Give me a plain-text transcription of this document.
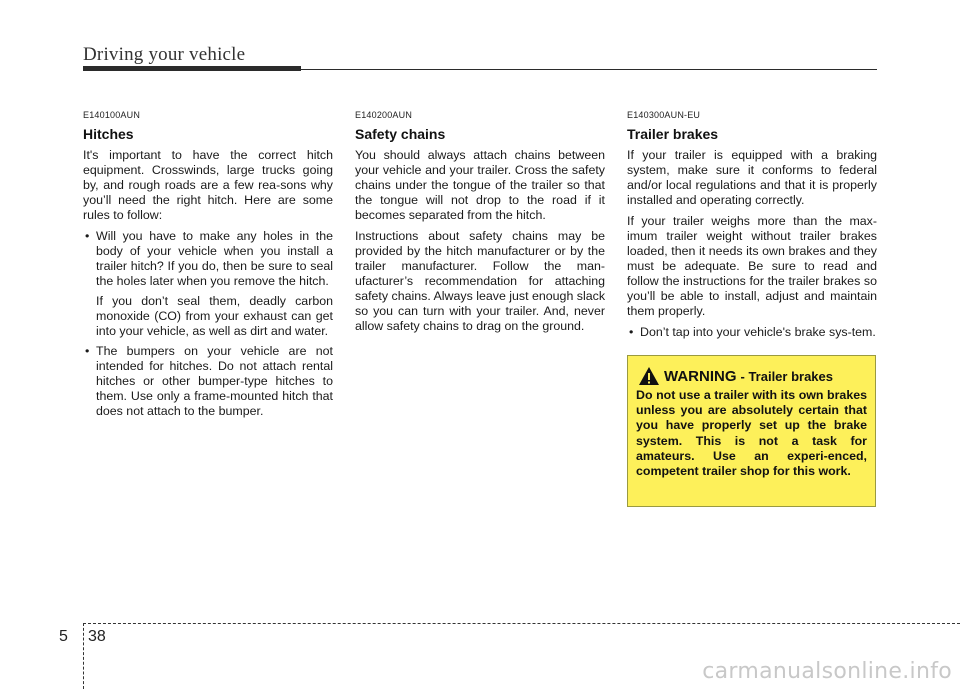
Driving your vehicle
E140100AUN
Hitches
It's important to have the correct hitch equipment. Crosswinds, large trucks going by, and rough roads are a few rea-sons why you’ll need the right hitch. Here are some rules to follow:
• Will you have to make any holes in the body of your vehicle when you install a trailer hitch? If you do, then be sure to seal the holes later when you remove the hitch.
If you don’t seal them, deadly carbon monoxide (CO) from your exhaust can get into your vehicle, as well as dirt and water.
• The bumpers on your vehicle are not intended for hitches. Do not attach rental hitches or other bumper-type hitches to them. Use only a frame-mounted hitch that does not attach to the bumper.
E140200AUN
Safety chains
You should always attach chains between your vehicle and your trailer. Cross the safety chains under the tongue of the trailer so that the tongue will not drop to the road if it becomes separated from the hitch.
Instructions about safety chains may be provided by the hitch manufacturer or by the trailer manufacturer. Follow the man-ufacturer’s recommendation for attaching safety chains. Always leave just enough slack so you can turn with your trailer. And, never allow safety chains to drag on the ground.
E140300AUN-EU
Trailer brakes
If your trailer is equipped with a braking system, make sure it conforms to federal and/or local regulations and that it is properly installed and operating correctly.
If your trailer weighs more than the max-imum trailer weight without trailer brakes loaded, then it needs its own brakes and they must be adequate. Be sure to read and follow the instructions for the trailer brakes so you’ll be able to install, adjust and maintain them properly.
• Don’t tap into your vehicle's brake sys-tem.
WARNING - Trailer brakes
Do not use a trailer with its own brakes unless you are absolutely certain that you have properly set up the brake system. This is not a task for amateurs. Use an experi-enced, competent trailer shop for this work.
5 38
carmanualsonline.info
